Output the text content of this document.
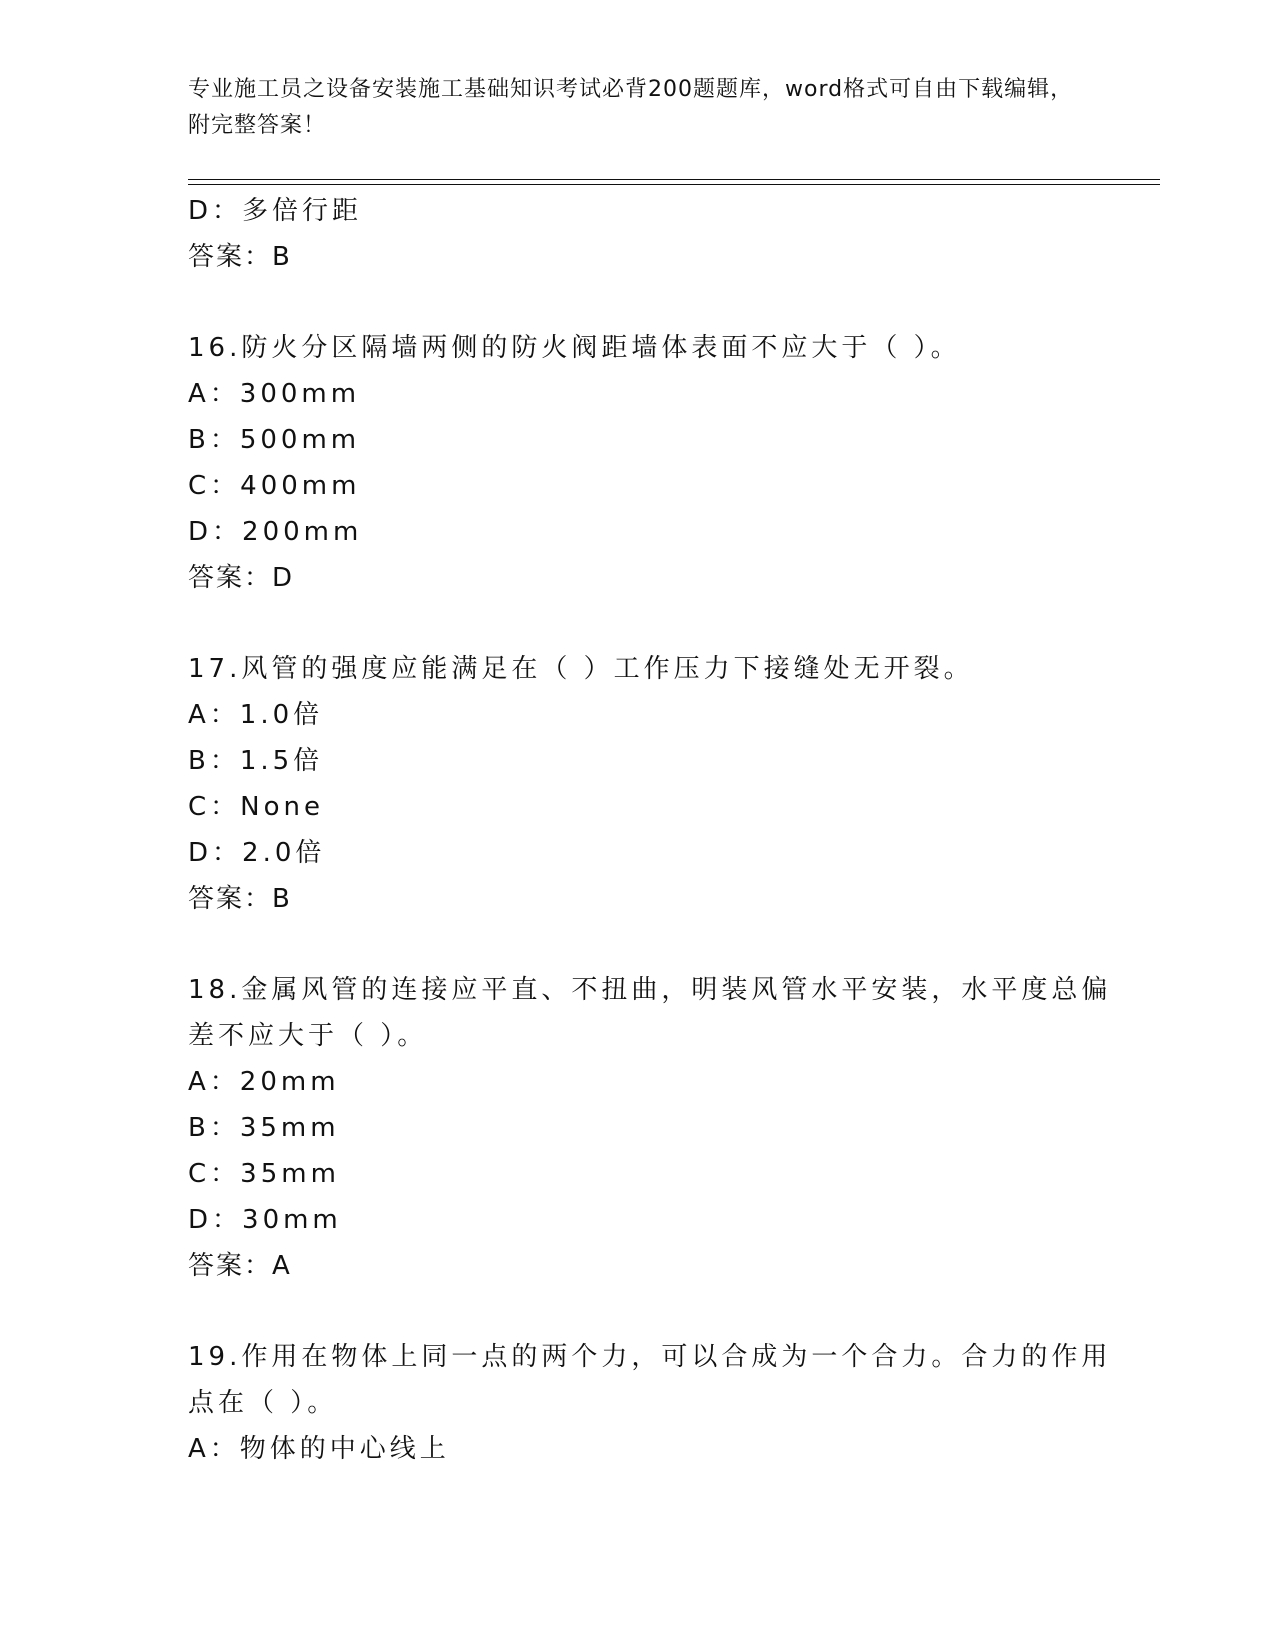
专业施工员之设备安装施工基础知识考试必背200题题库，word格式可自由下载编辑，附完整答案！

D：多倍行距

答案：B

16.防火分区隔墙两侧的防火阀距墙体表面不应大于（ ）。

A：300mm

B：500mm

C：400mm

D：200mm

答案：D

17.风管的强度应能满足在（ ）工作压力下接缝处无开裂。

A：1.0倍

B：1.5倍

C：None

D：2.0倍

答案：B

18.金属风管的连接应平直、不扭曲，明装风管水平安装，水平度总偏

差不应大于（ ）。

A：20mm

B：35mm

C：35mm

D：30mm

答案：A

19.作用在物体上同一点的两个力，可以合成为一个合力。合力的作用

点在（ ）。

A：物体的中心线上
